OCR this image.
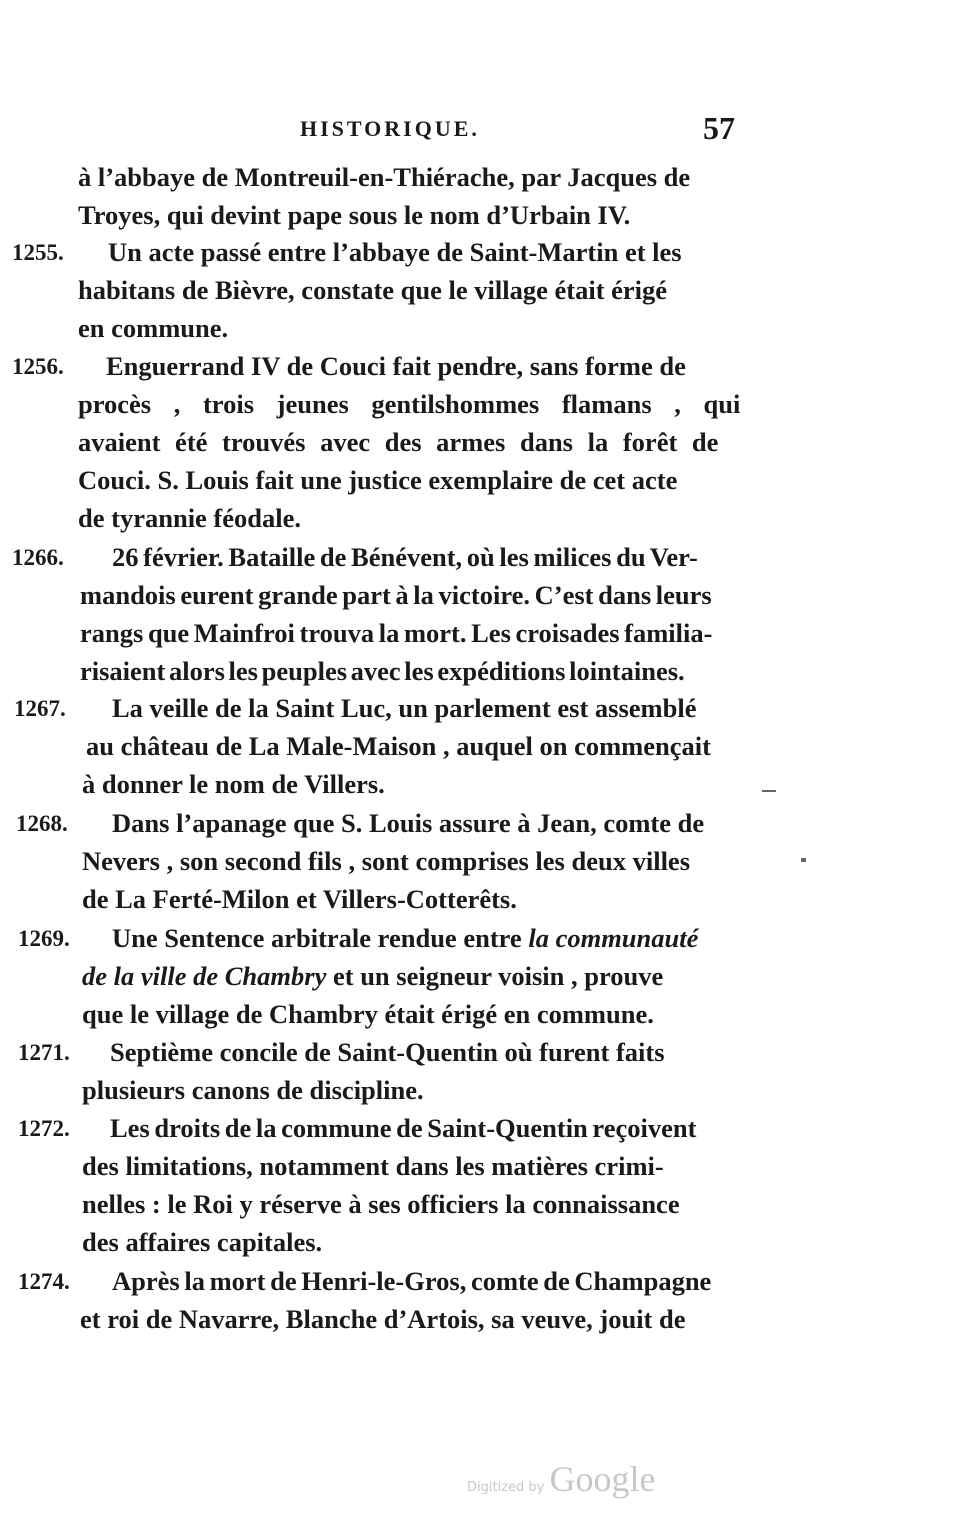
HISTORIQUE.	57
à l’abbaye de Montreuil-en-Thiérache, par Jacques de
Troyes, qui devint pape sous le nom d’Urbain IV.
1255. Un acte passé entre l’abbaye de Saint-Martin et les
habitans de Bièvre, constate que le village était érigé
en commune.
1256. Enguerrand IV de Couci fait pendre, sans forme de
procès , trois jeunes gentilshommes flamans , qui
avaient été trouvés avec des armes dans la forêt de
Couci. S. Louis fait une justice exemplaire de cet acte
de tyrannie féodale.
1266. 26 février. Bataille de Bénévent, où les milices du Ver-
mandois eurent grande part à la victoire. C’est dans leurs
rangs que Mainfroi trouva la mort. Les croisades familia-
risaient alors les peuples avec les expéditions lointaines.
1267. La veille de la Saint Luc, un parlement est assemblé
au château de La Male-Maison , auquel on commençait
à donner le nom de Villers.
1268. Dans l’apanage que S. Louis assure à Jean, comte de
Nevers , son second fils , sont comprises les deux villes
de La Ferté-Milon et Villers-Cotterêts.
1269. Une Sentence arbitrale rendue entre la communauté
de la ville de Chambry et un seigneur voisin , prouve
que le village de Chambry était érigé en commune.
1271. Septième concile de Saint-Quentin où furent faits
plusieurs canons de discipline.
1272. Les droits de la commune de Saint-Quentin reçoivent
des limitations, notamment dans les matières crimi-
nelles : le Roi y réserve à ses officiers la connaissance
des affaires capitales.
1274. Après la mort de Henri-le-Gros, comte de Champagne
et roi de Navarre, Blanche d’Artois, sa veuve, jouit de
Digitized by Google
